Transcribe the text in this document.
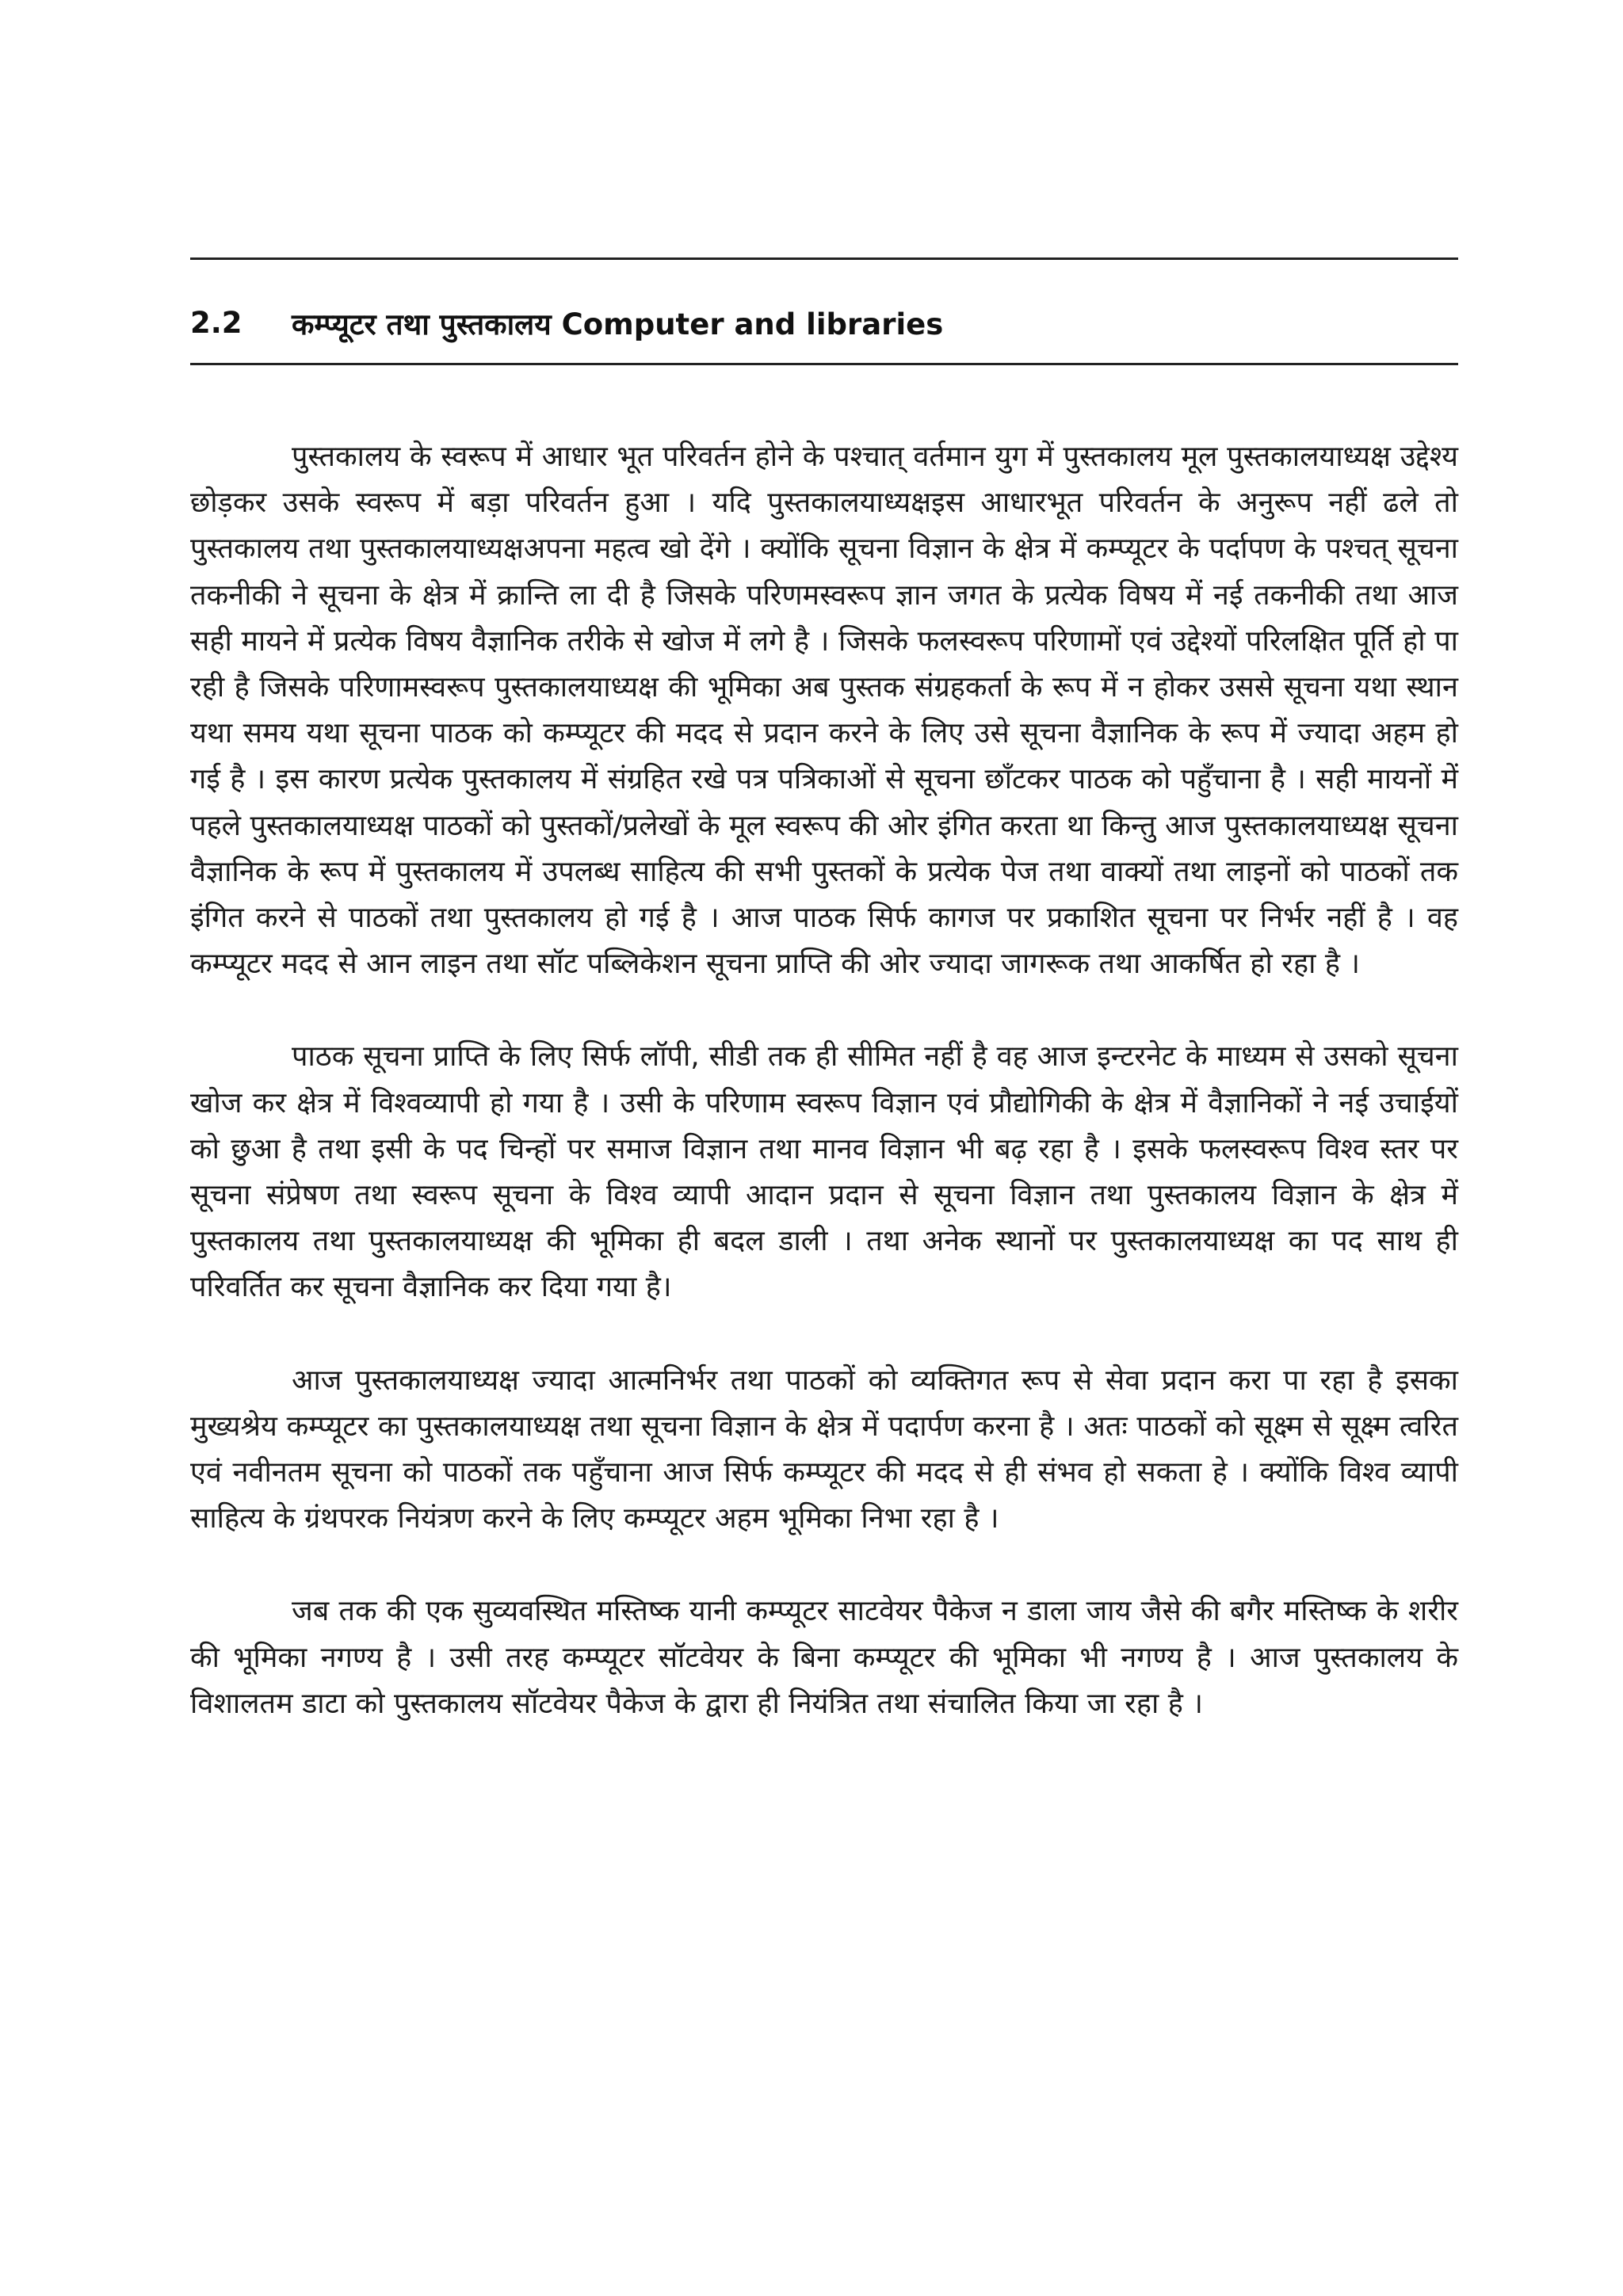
2.2	कम्प्यूटर तथा पुस्तकालय Computer and libraries

पुस्तकालय के स्वरूप में आधार भूत परिवर्तन होने के पश्चात् वर्तमान युग में पुस्तकालय मूल पुस्तकालयाध्यक्ष उद्देश्य छोड़कर उसके स्वरूप में बड़ा परिवर्तन हुआ । यदि पुस्तकालयाध्यक्षइस आधारभूत परिवर्तन के अनुरूप नहीं ढले तो पुस्तकालय तथा पुस्तकालयाध्यक्षअपना महत्व खो देंगे । क्योंकि सूचना विज्ञान के क्षेत्र में कम्प्यूटर के पर्दापण के पश्चत् सूचना तकनीकी ने सूचना के क्षेत्र में क्रान्ति ला दी है जिसके परिणमस्वरूप ज्ञान जगत के प्रत्येक विषय में नई तकनीकी तथा आज सही मायने में प्रत्येक विषय वैज्ञानिक तरीके से खोज में लगे है । जिसके फलस्वरूप परिणामों एवं उद्देश्यों परिलक्षित पूर्ति हो पा रही है जिसके परिणामस्वरूप पुस्तकालयाध्यक्ष की भूमिका अब पुस्तक संग्रहकर्ता के रूप में न होकर उससे सूचना यथा स्थान यथा समय यथा सूचना पाठक को कम्प्यूटर की मदद से प्रदान करने के लिए उसे सूचना वैज्ञानिक के रूप में ज्यादा अहम हो गई है । इस कारण प्रत्येक पुस्तकालय में संग्रहित रखे पत्र पत्रिकाओं से सूचना छाँटकर पाठक को पहुँचाना है । सही मायनों में पहले पुस्तकालयाध्यक्ष पाठकों को पुस्तकों/प्रलेखों के मूल स्वरूप की ओर इंगित करता था किन्तु आज पुस्तकालयाध्यक्ष सूचना वैज्ञानिक के रूप में पुस्तकालय में उपलब्ध साहित्य की सभी पुस्तकों के प्रत्येक पेज तथा वाक्यों तथा लाइनों को पाठकों तक इंगित करने से पाठकों तथा पुस्तकालय हो गई है । आज पाठक सिर्फ कागज पर प्रकाशित सूचना पर निर्भर नहीं है । वह कम्प्यूटर मदद से आन लाइन तथा सॉट पब्लिकेशन सूचना प्राप्ति की ओर ज्यादा जागरूक तथा आकर्षित हो रहा है ।

पाठक सूचना प्राप्ति के लिए सिर्फ लॉपी, सीडी तक ही सीमित नहीं है वह आज इन्टरनेट के माध्यम से उसको सूचना खोज कर क्षेत्र में विश्वव्यापी हो गया है । उसी के परिणाम स्वरूप विज्ञान एवं प्रौद्योगिकी के क्षेत्र में वैज्ञानिकों ने नई उचाईयों को छुआ है तथा इसी के पद चिन्हों पर समाज विज्ञान तथा मानव विज्ञान भी बढ़ रहा है । इसके फलस्वरूप विश्व स्तर पर सूचना संप्रेषण तथा स्वरूप सूचना के विश्व व्यापी आदान प्रदान से सूचना विज्ञान तथा पुस्तकालय विज्ञान के क्षेत्र में पुस्तकालय तथा पुस्तकालयाध्यक्ष की भूमिका ही बदल डाली । तथा अनेक स्थानों पर पुस्तकालयाध्यक्ष का पद साथ ही परिवर्तित कर सूचना वैज्ञानिक कर दिया गया है।

आज पुस्तकालयाध्यक्ष ज्यादा आत्मनिर्भर तथा पाठकों को व्यक्तिगत रूप से सेवा प्रदान करा पा रहा है इसका मुख्यश्रेय कम्प्यूटर का पुस्तकालयाध्यक्ष तथा सूचना विज्ञान के क्षेत्र में पदार्पण करना है । अतः पाठकों को सूक्ष्म से सूक्ष्म त्वरित एवं नवीनतम सूचना को पाठकों तक पहुँचाना आज सिर्फ कम्प्यूटर की मदद से ही संभव हो सकता हे । क्योंकि विश्व व्यापी साहित्य के ग्रंथपरक नियंत्रण करने के लिए कम्प्यूटर अहम भूमिका निभा रहा है ।

जब तक की एक सुव्यवस्थित मस्तिष्क यानी कम्प्यूटर साटवेयर पैकेज न डाला जाय जैसे की बगैर मस्तिष्क के शरीर की भूमिका नगण्य है । उसी तरह कम्प्यूटर सॉटवेयर के बिना कम्प्यूटर की भूमिका भी नगण्य है । आज पुस्तकालय के विशालतम डाटा को पुस्तकालय सॉटवेयर पैकेज के द्वारा ही नियंत्रित तथा संचालित किया जा रहा है ।
